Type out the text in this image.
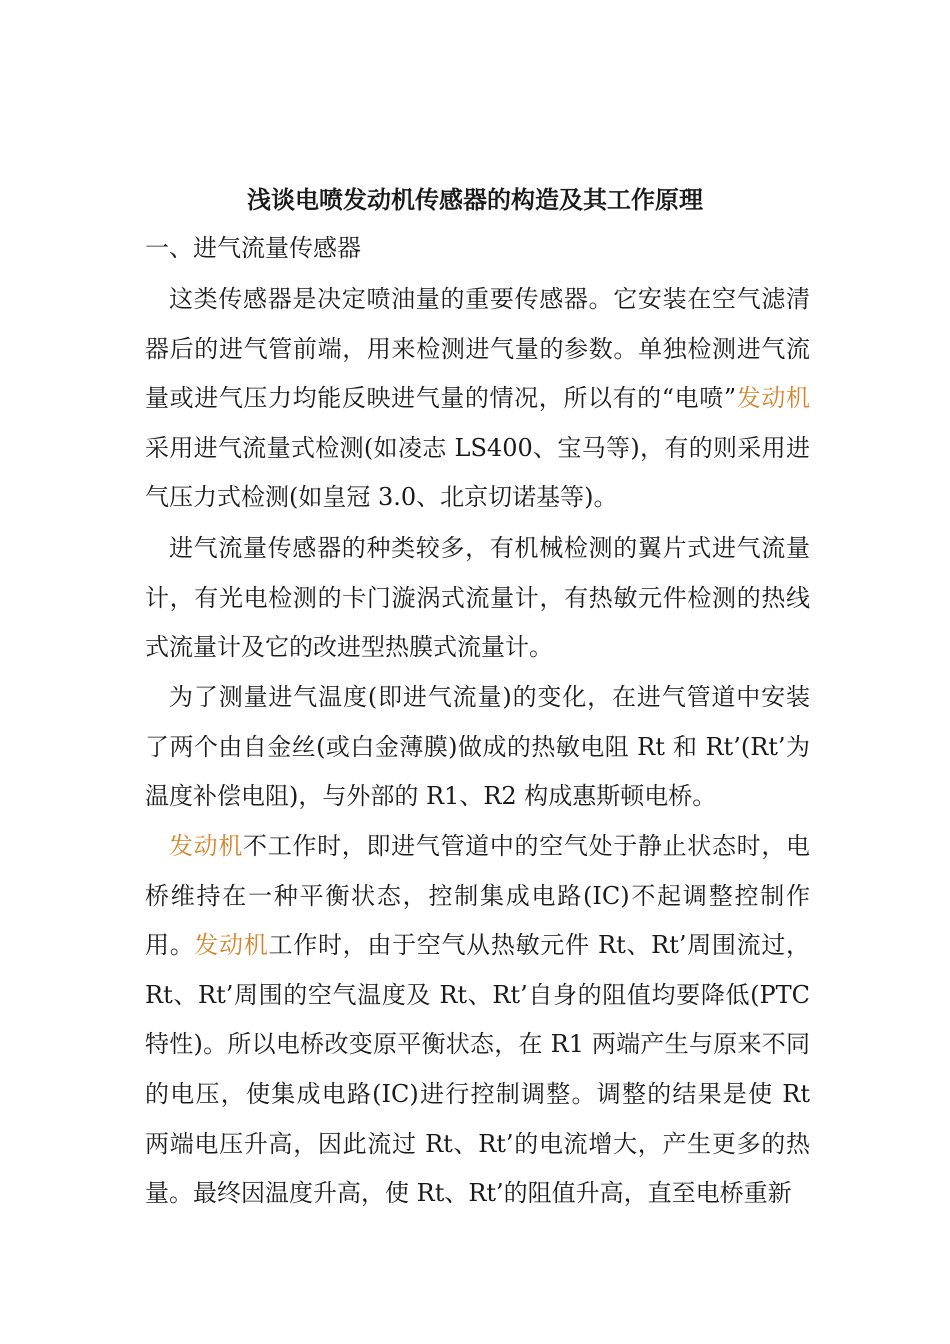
浅谈电喷发动机传感器的构造及其工作原理
一、进气流量传感器

这类传感器是决定喷油量的重要传感器。它安装在空气滤清器后的进气管前端，用来检测进气量的参数。单独检测进气流量或进气压力均能反映进气量的情况，所以有的“电喷”发动机采用进气流量式检测(如凌志 LS400、宝马等)，有的则采用进气压力式检测(如皇冠 3.0、北京切诺基等)。

进气流量传感器的种类较多，有机械检测的翼片式进气流量计，有光电检测的卡门漩涡式流量计，有热敏元件检测的热线式流量计及它的改进型热膜式流量计。

为了测量进气温度(即进气流量)的变化，在进气管道中安装了两个由自金丝(或白金薄膜)做成的热敏电阻 Rt 和 Rt’(Rt’为温度补偿电阻)，与外部的 R1、R2 构成惠斯顿电桥。

发动机不工作时，即进气管道中的空气处于静止状态时，电桥维持在一种平衡状态，控制集成电路(IC)不起调整控制作用。发动机工作时，由于空气从热敏元件 Rt、Rt’周围流过，Rt、Rt’周围的空气温度及 Rt、Rt’自身的阻值均要降低(PTC 特性)。所以电桥改变原平衡状态，在 R1 两端产生与原来不同的电压，使集成电路(IC)进行控制调整。调整的结果是使 Rt 两端电压升高，因此流过 Rt、Rt’的电流增大，产生更多的热量。最终因温度升高，使 Rt、Rt’的阻值升高，直至电桥重新
